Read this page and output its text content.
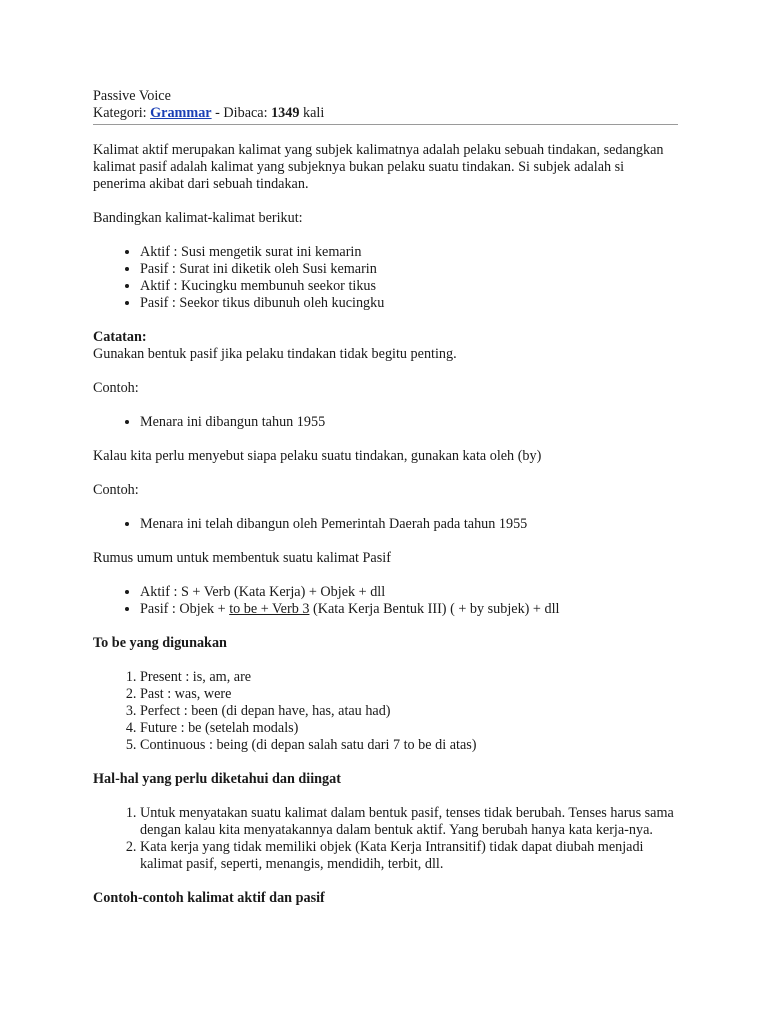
Passive Voice

Kategori: Grammar - Dibaca: 1349 kali

Kalimat aktif merupakan kalimat yang subjek kalimatnya adalah pelaku sebuah tindakan, sedangkan kalimat pasif adalah kalimat yang subjeknya bukan pelaku suatu tindakan. Si subjek adalah si penerima akibat dari sebuah tindakan.

Bandingkan kalimat-kalimat berikut:

• Aktif : Susi mengetik surat ini kemarin
• Pasif : Surat ini diketik oleh Susi kemarin
• Aktif : Kucingku membunuh seekor tikus
• Pasif : Seekor tikus dibunuh oleh kucingku

Catatan:

Gunakan bentuk pasif jika pelaku tindakan tidak begitu penting.

Contoh:

• Menara ini dibangun tahun 1955

Kalau kita perlu menyebut siapa pelaku suatu tindakan, gunakan kata oleh (by)

Contoh:

• Menara ini telah dibangun oleh Pemerintah Daerah pada tahun 1955

Rumus umum untuk membentuk suatu kalimat Pasif

• Aktif : S + Verb (Kata Kerja) + Objek + dll
• Pasif : Objek + to be + Verb 3 (Kata Kerja Bentuk III) ( + by subjek) + dll

To be yang digunakan

1. Present : is, am, are
2. Past : was, were
3. Perfect : been (di depan have, has, atau had)
4. Future : be (setelah modals)
5. Continuous : being (di depan salah satu dari 7 to be di atas)

Hal-hal yang perlu diketahui dan diingat

1. Untuk menyatakan suatu kalimat dalam bentuk pasif, tenses tidak berubah. Tenses harus sama dengan kalau kita menyatakannya dalam bentuk aktif. Yang berubah hanya kata kerja-nya.
2. Kata kerja yang tidak memiliki objek (Kata Kerja Intransitif) tidak dapat diubah menjadi kalimat pasif, seperti, menangis, mendidih, terbit, dll.

Contoh-contoh kalimat aktif dan pasif
